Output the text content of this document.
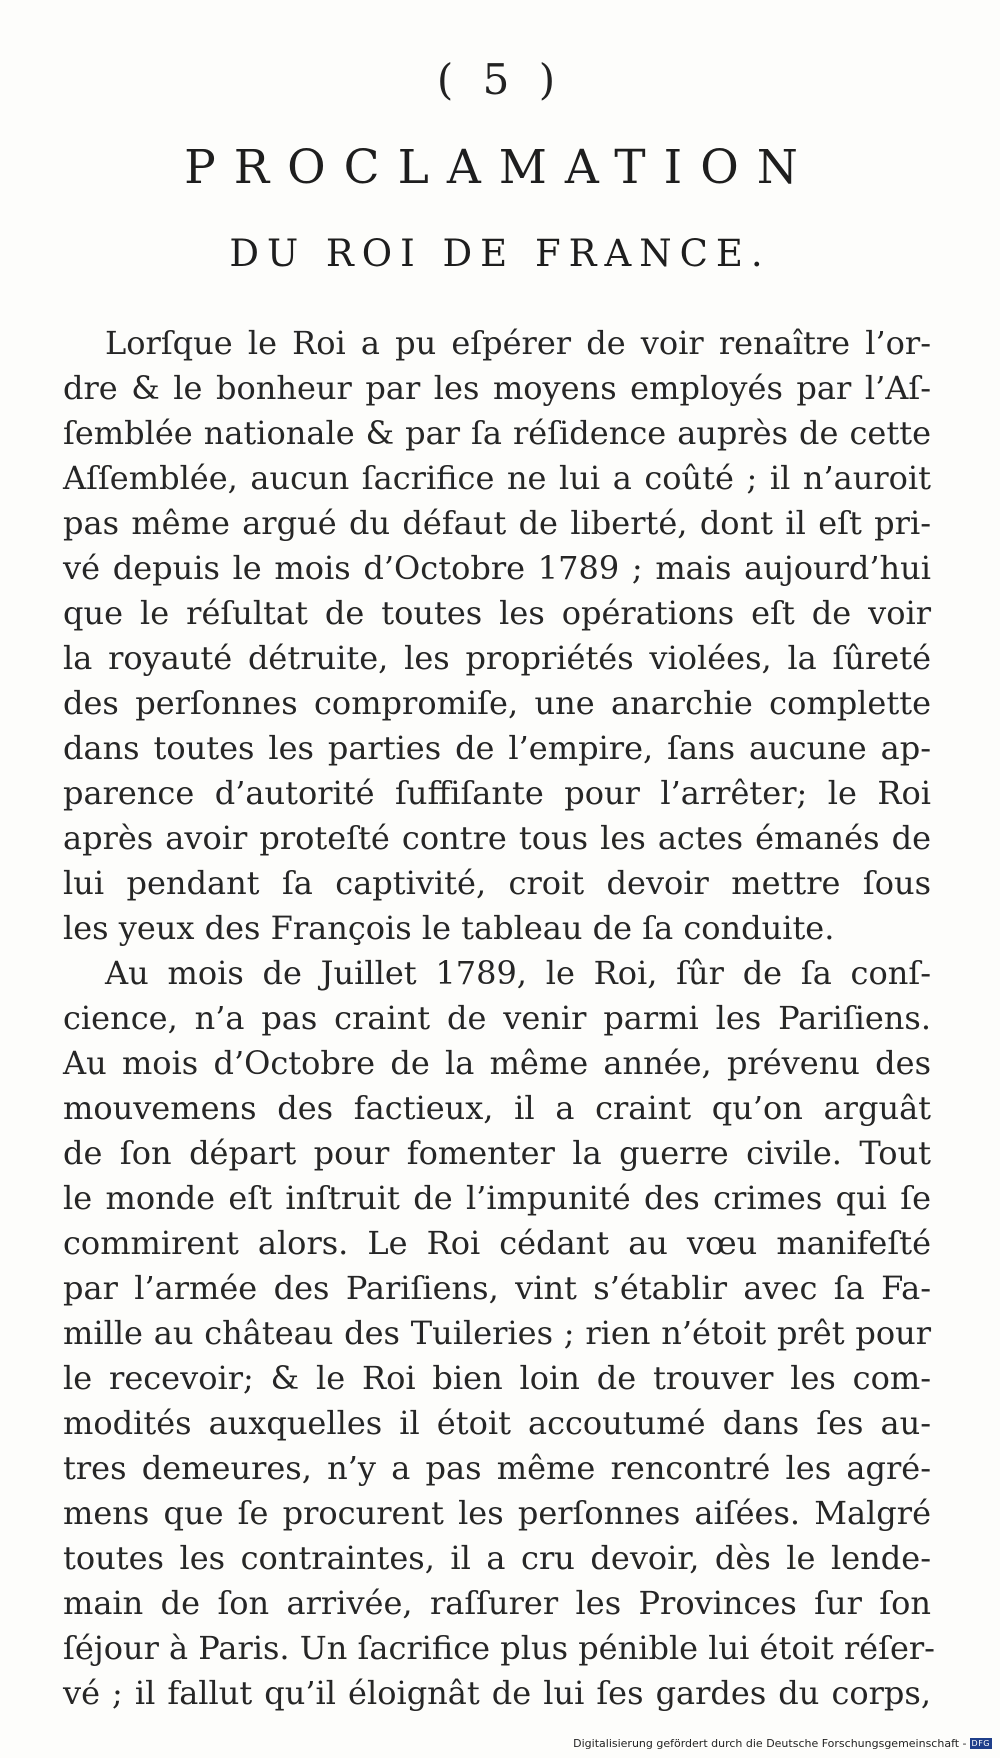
( 5 )
PROCLAMATION
DU ROI DE FRANCE.
Lorſque le Roi a pu eſpérer de voir renaître l’or-
dre & le bonheur par les moyens employés par l’Aſ-
ſemblée nationale & par ſa réſidence auprès de cette
Aſſemblée, aucun ſacrifice ne lui a coûté ; il n’auroit
pas même argué du défaut de liberté, dont il eſt pri-
vé depuis le mois d’Octobre 1789 ; mais aujourd’hui
que le réſultat de toutes les opérations eſt de voir
la royauté détruite, les propriétés violées, la ſûreté
des perſonnes compromiſe, une anarchie complette
dans toutes les parties de l’empire, ſans aucune ap-
parence d’autorité ſuffiſante pour l’arrêter; le Roi
après avoir proteſté contre tous les actes émanés de
lui pendant ſa captivité, croit devoir mettre ſous
les yeux des François le tableau de ſa conduite.
Au mois de Juillet 1789, le Roi, ſûr de ſa conſ-
cience, n’a pas craint de venir parmi les Pariſiens.
Au mois d’Octobre de la même année, prévenu des
mouvemens des factieux, il a craint qu’on arguât
de ſon départ pour fomenter la guerre civile. Tout
le monde eſt inſtruit de l’impunité des crimes qui ſe
commirent alors. Le Roi cédant au vœu manifeſté
par l’armée des Pariſiens, vint s’établir avec ſa Fa-
mille au château des Tuileries ; rien n’étoit prêt pour
le recevoir; & le Roi bien loin de trouver les com-
modités auxquelles il étoit accoutumé dans ſes au-
tres demeures, n’y a pas même rencontré les agré-
mens que ſe procurent les perſonnes aiſées. Malgré
toutes les contraintes, il a cru devoir, dès le lende-
main de ſon arrivée, raſſurer les Provinces ſur ſon
ſéjour à Paris. Un ſacrifice plus pénible lui étoit réſer-
vé ; il fallut qu’il éloignât de lui ſes gardes du corps,
Digitalisierung gefördert durch die Deutsche Forschungsgemeinschaft - DFG
